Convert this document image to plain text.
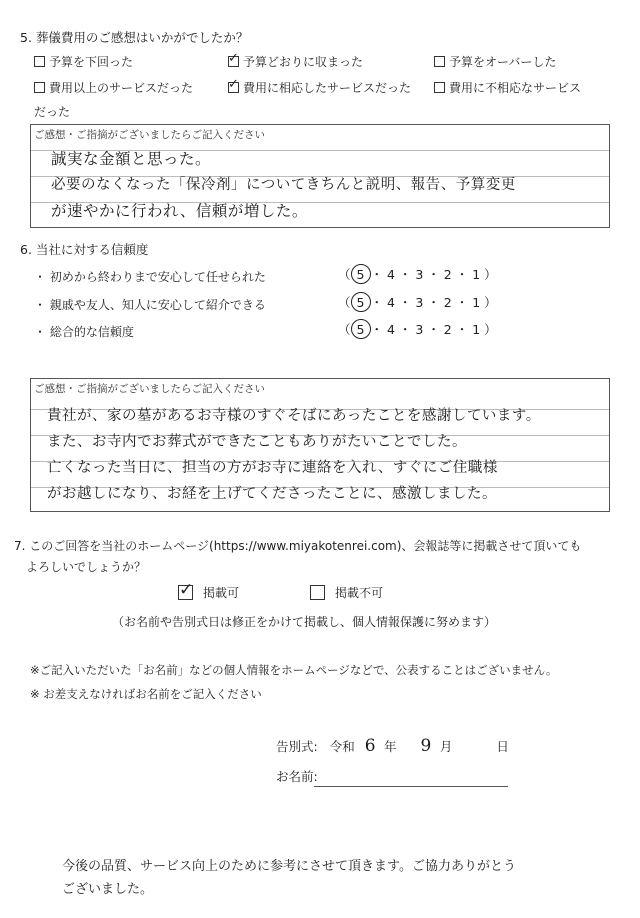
5. 葬儀費用のご感想はいかがでしたか？
予算を下回った	✓ 予算どおりに収まった	予算をオーバーした
費用以上のサービスだった	✓ 費用に相応したサービスだった	費用に不相応なサービス
だった
ご感想・ご指摘がございましたらご記入ください
誠実な金額と思った。
必要のなくなった「保冷剤」についてきちんと説明、報告、予算変更
が速やかに行われ、信頼が増した。
6. 当社に対する信頼度
・ 初めから終わりまで安心して任せられた	（ 5 ・ 4 ・ 3 ・ 2 ・ 1 ）
・ 親戚や友人、知人に安心して紹介できる	（ 5 ・ 4 ・ 3 ・ 2 ・ 1 ）
・ 総合的な信頼度	（ 5 ・ 4 ・ 3 ・ 2 ・ 1 ）
ご感想・ご指摘がございましたらご記入ください
貴社が、家の墓があるお寺様のすぐそばにあったことを感謝しています。
また、お寺内でお葬式ができたこともありがたいことでした。
亡くなった当日に、担当の方がお寺に連絡を入れ、すぐにご住職様
がお越しになり、お経を上げてくださったことに、感激しました。
7. このご回答を当社のホームページ(https://www.miyakotenrei.com)、会報誌等に掲載させて頂いても
よろしいでしょうか？
✓ 掲載可	掲載不可
（お名前や告別式日は修正をかけて掲載し、個人情報保護に努めます）
※ご記入いただいた「お名前」などの個人情報をホームページなどで、公表することはございません。
※ お差支えなければお名前をご記入ください
告別式: 令和 6 年 9 月	日
お名前:
今後の品質、サービス向上のために参考にさせて頂きます。ご協力ありがとう
ございました。
